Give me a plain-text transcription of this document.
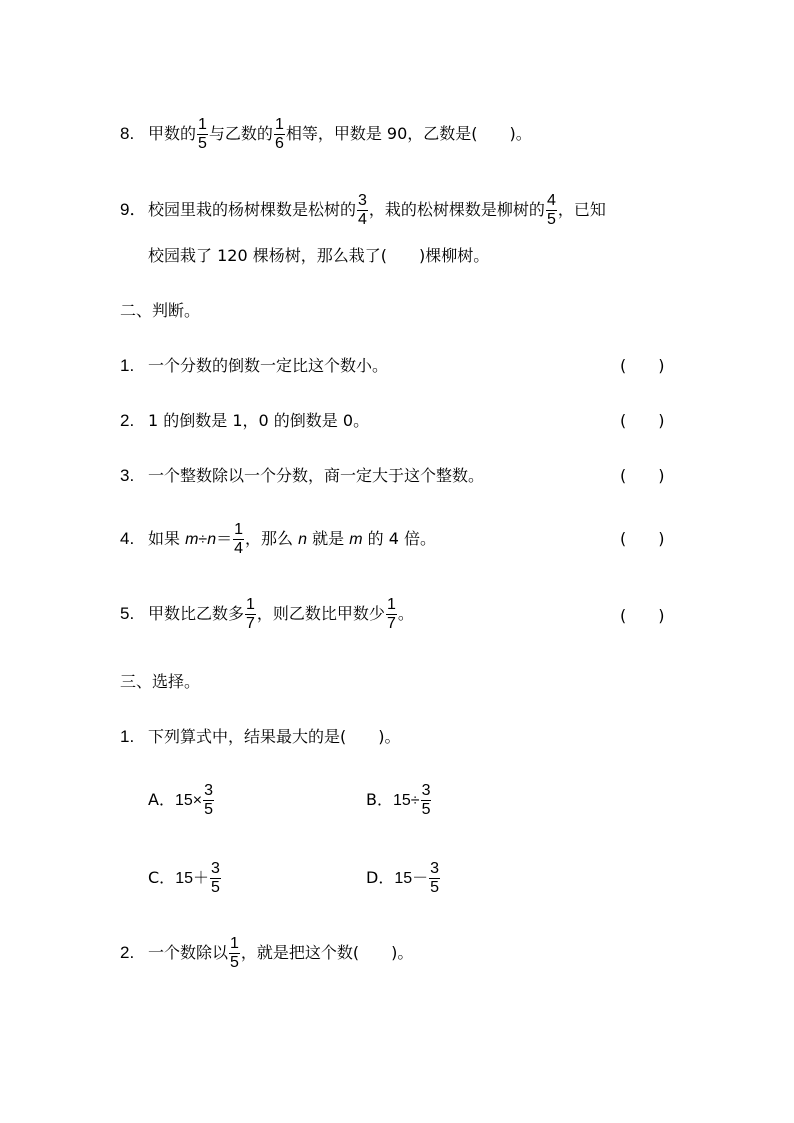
8. 甲数的 $\frac{1}{5}$ 与乙数的 $\frac{1}{6}$ 相等，甲数是 90，乙数是(　　)。
9．校园里栽的杨树棵数是松树的 $\frac{3}{4}$ ，栽的松树棵数是柳树的 $\frac{4}{5}$ ，已知
校园栽了 120 棵杨树，那么栽了(　　)棵柳树。
二、判断。
1. 一个分数的倒数一定比这个数小。	(　　)
2. 1 的倒数是 1，0 的倒数是 0。	(　　)
3. 一个整数除以一个分数，商一定大于这个整数。	(　　)
4. 如果 $m\div n= \frac{1}{4}$ ，那么 n 就是 m 的 4 倍。	(　　)
5. 甲数比乙数多 $\frac{1}{7}$ ，则乙数比甲数少 $\frac{1}{7}$ 。	(　　)
三、选择。
1. 下列算式中，结果最大的是(　　)。
A．$15\times \frac{3}{5}$	B．$15\div \frac{3}{5}$
C．$15+ \frac{3}{5}$	D．$15- \frac{3}{5}$
2. 一个数除以 $\frac{1}{5}$ ，就是把这个数(　　)。
